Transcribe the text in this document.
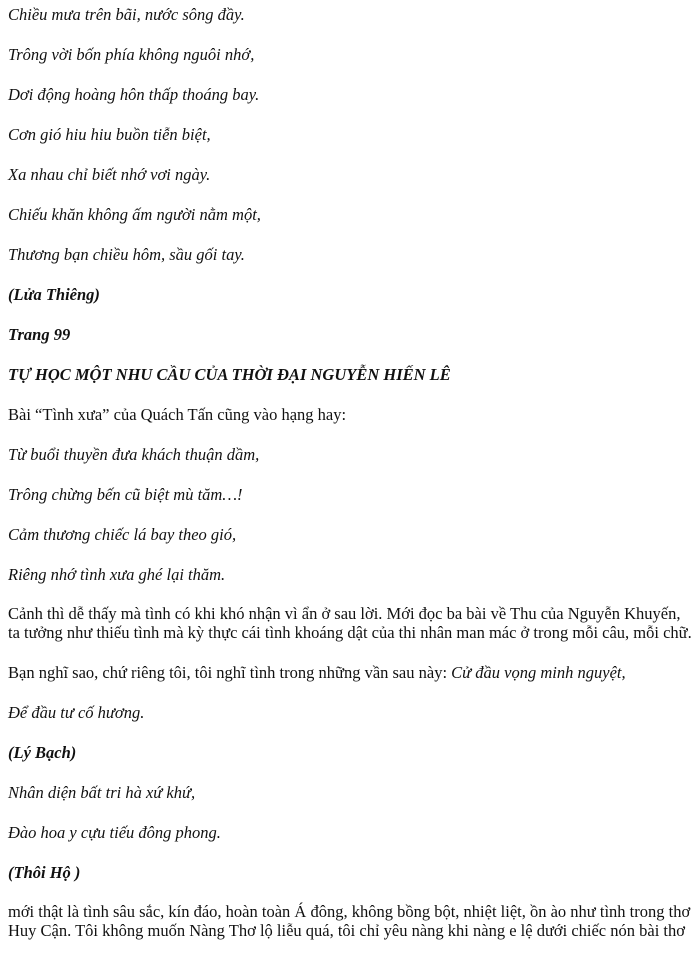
Chiều mưa trên bãi, nước sông đầy.

Trông vời bốn phía không nguôi nhớ,

Dơi động hoàng hôn thấp thoáng bay.

Cơn gió hiu hiu buồn tiễn biệt,

Xa nhau chỉ biết nhớ vơi ngày.

Chiếu khăn không ấm người nằm một,

Thương bạn chiều hôm, sầu gối tay.

(Lửa Thiêng)

Trang 99

TỰ HỌC MỘT NHU CẦU CỦA THỜI ĐẠI NGUYỄN HIẾN LÊ

Bài “Tình xưa” của Quách Tấn cũng vào hạng hay:

Từ buổi thuyền đưa khách thuận dầm,

Trông chừng bến cũ biệt mù tăm…!

Cảm thương chiếc lá bay theo gió,

Riêng nhớ tình xưa ghé lại thăm.

Cảnh thì dễ thấy mà tình có khi khó nhận vì ẩn ở sau lời. Mới đọc ba bài về Thu của Nguyễn Khuyến,
ta tưởng như thiếu tình mà kỳ thực cái tình khoáng dật của thi nhân man mác ở trong mỗi câu, mỗi chữ.

Bạn nghĩ sao, chứ riêng tôi, tôi nghĩ tình trong những vần sau này: Cử đầu vọng minh nguyệt,

Để đầu tư cố hương.

(Lý Bạch)

Nhân diện bất tri hà xứ khứ,

Đào hoa y cựu tiếu đông phong.

(Thôi Hộ )

mới thật là tình sâu sắc, kín đáo, hoàn toàn Á đông, không bồng bột, nhiệt liệt, ồn ào như tình trong thơ
Huy Cận. Tôi không muốn Nàng Thơ lộ liễu quá, tôi chỉ yêu nàng khi nàng e lệ dưới chiếc nón bài thơ
